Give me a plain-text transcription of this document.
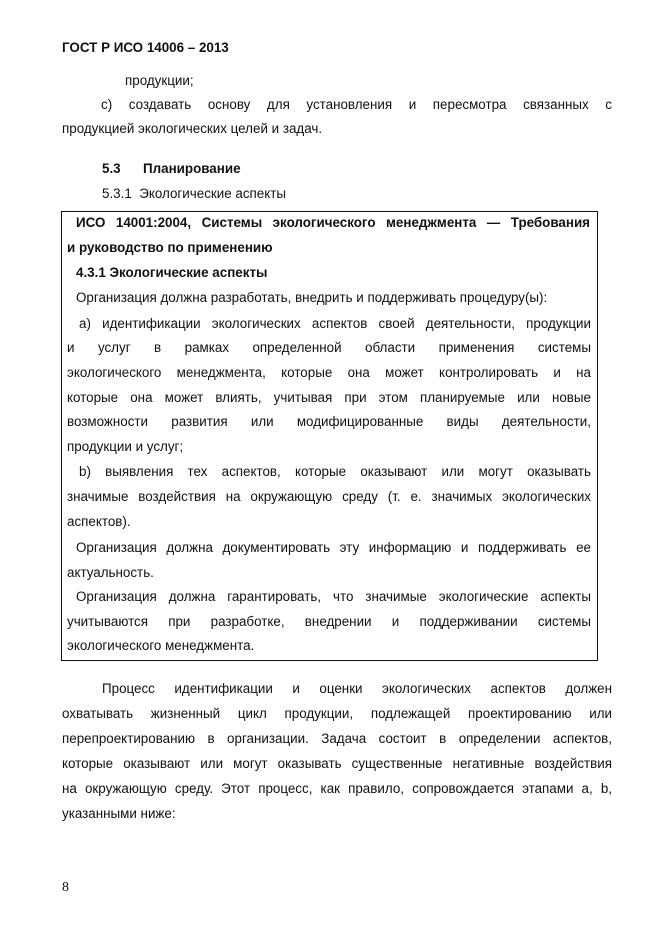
ГОСТ Р ИСО 14006 – 2013
продукции;
c) создавать основу для установления и пересмотра связанных с
продукцией экологических целей и задач.
5.3 Планирование
5.3.1  Экологические аспекты
ИСО 14001:2004, Системы экологического менеджмента — Требования
и руководство по применению
4.3.1 Экологические аспекты
Организация должна разработать, внедрить и поддерживать процедуру(ы):
a) идентификации экологических аспектов своей деятельности, продукции
и услуг в рамках определенной области применения системы
экологического менеджмента, которые она может контролировать и на
которые она может влиять, учитывая при этом планируемые или новые
возможности развития или модифицированные виды деятельности,
продукции и услуг;
b) выявления тех аспектов, которые оказывают или могут оказывать
значимые воздействия на окружающую среду (т. е. значимых экологических
аспектов).
Организация должна документировать эту информацию и поддерживать ее
актуальность.
Организация должна гарантировать, что значимые экологические аспекты
учитываются при разработке, внедрении и поддерживании системы
экологического менеджмента.
Процесс идентификации и оценки экологических аспектов должен
охватывать жизненный цикл продукции, подлежащей проектированию или
перепроектированию в организации. Задача состоит в определении аспектов,
которые оказывают или могут оказывать существенные негативные воздействия
на окружающую среду. Этот процесс, как правило, сопровождается этапами a, b,
указанными ниже:
8
